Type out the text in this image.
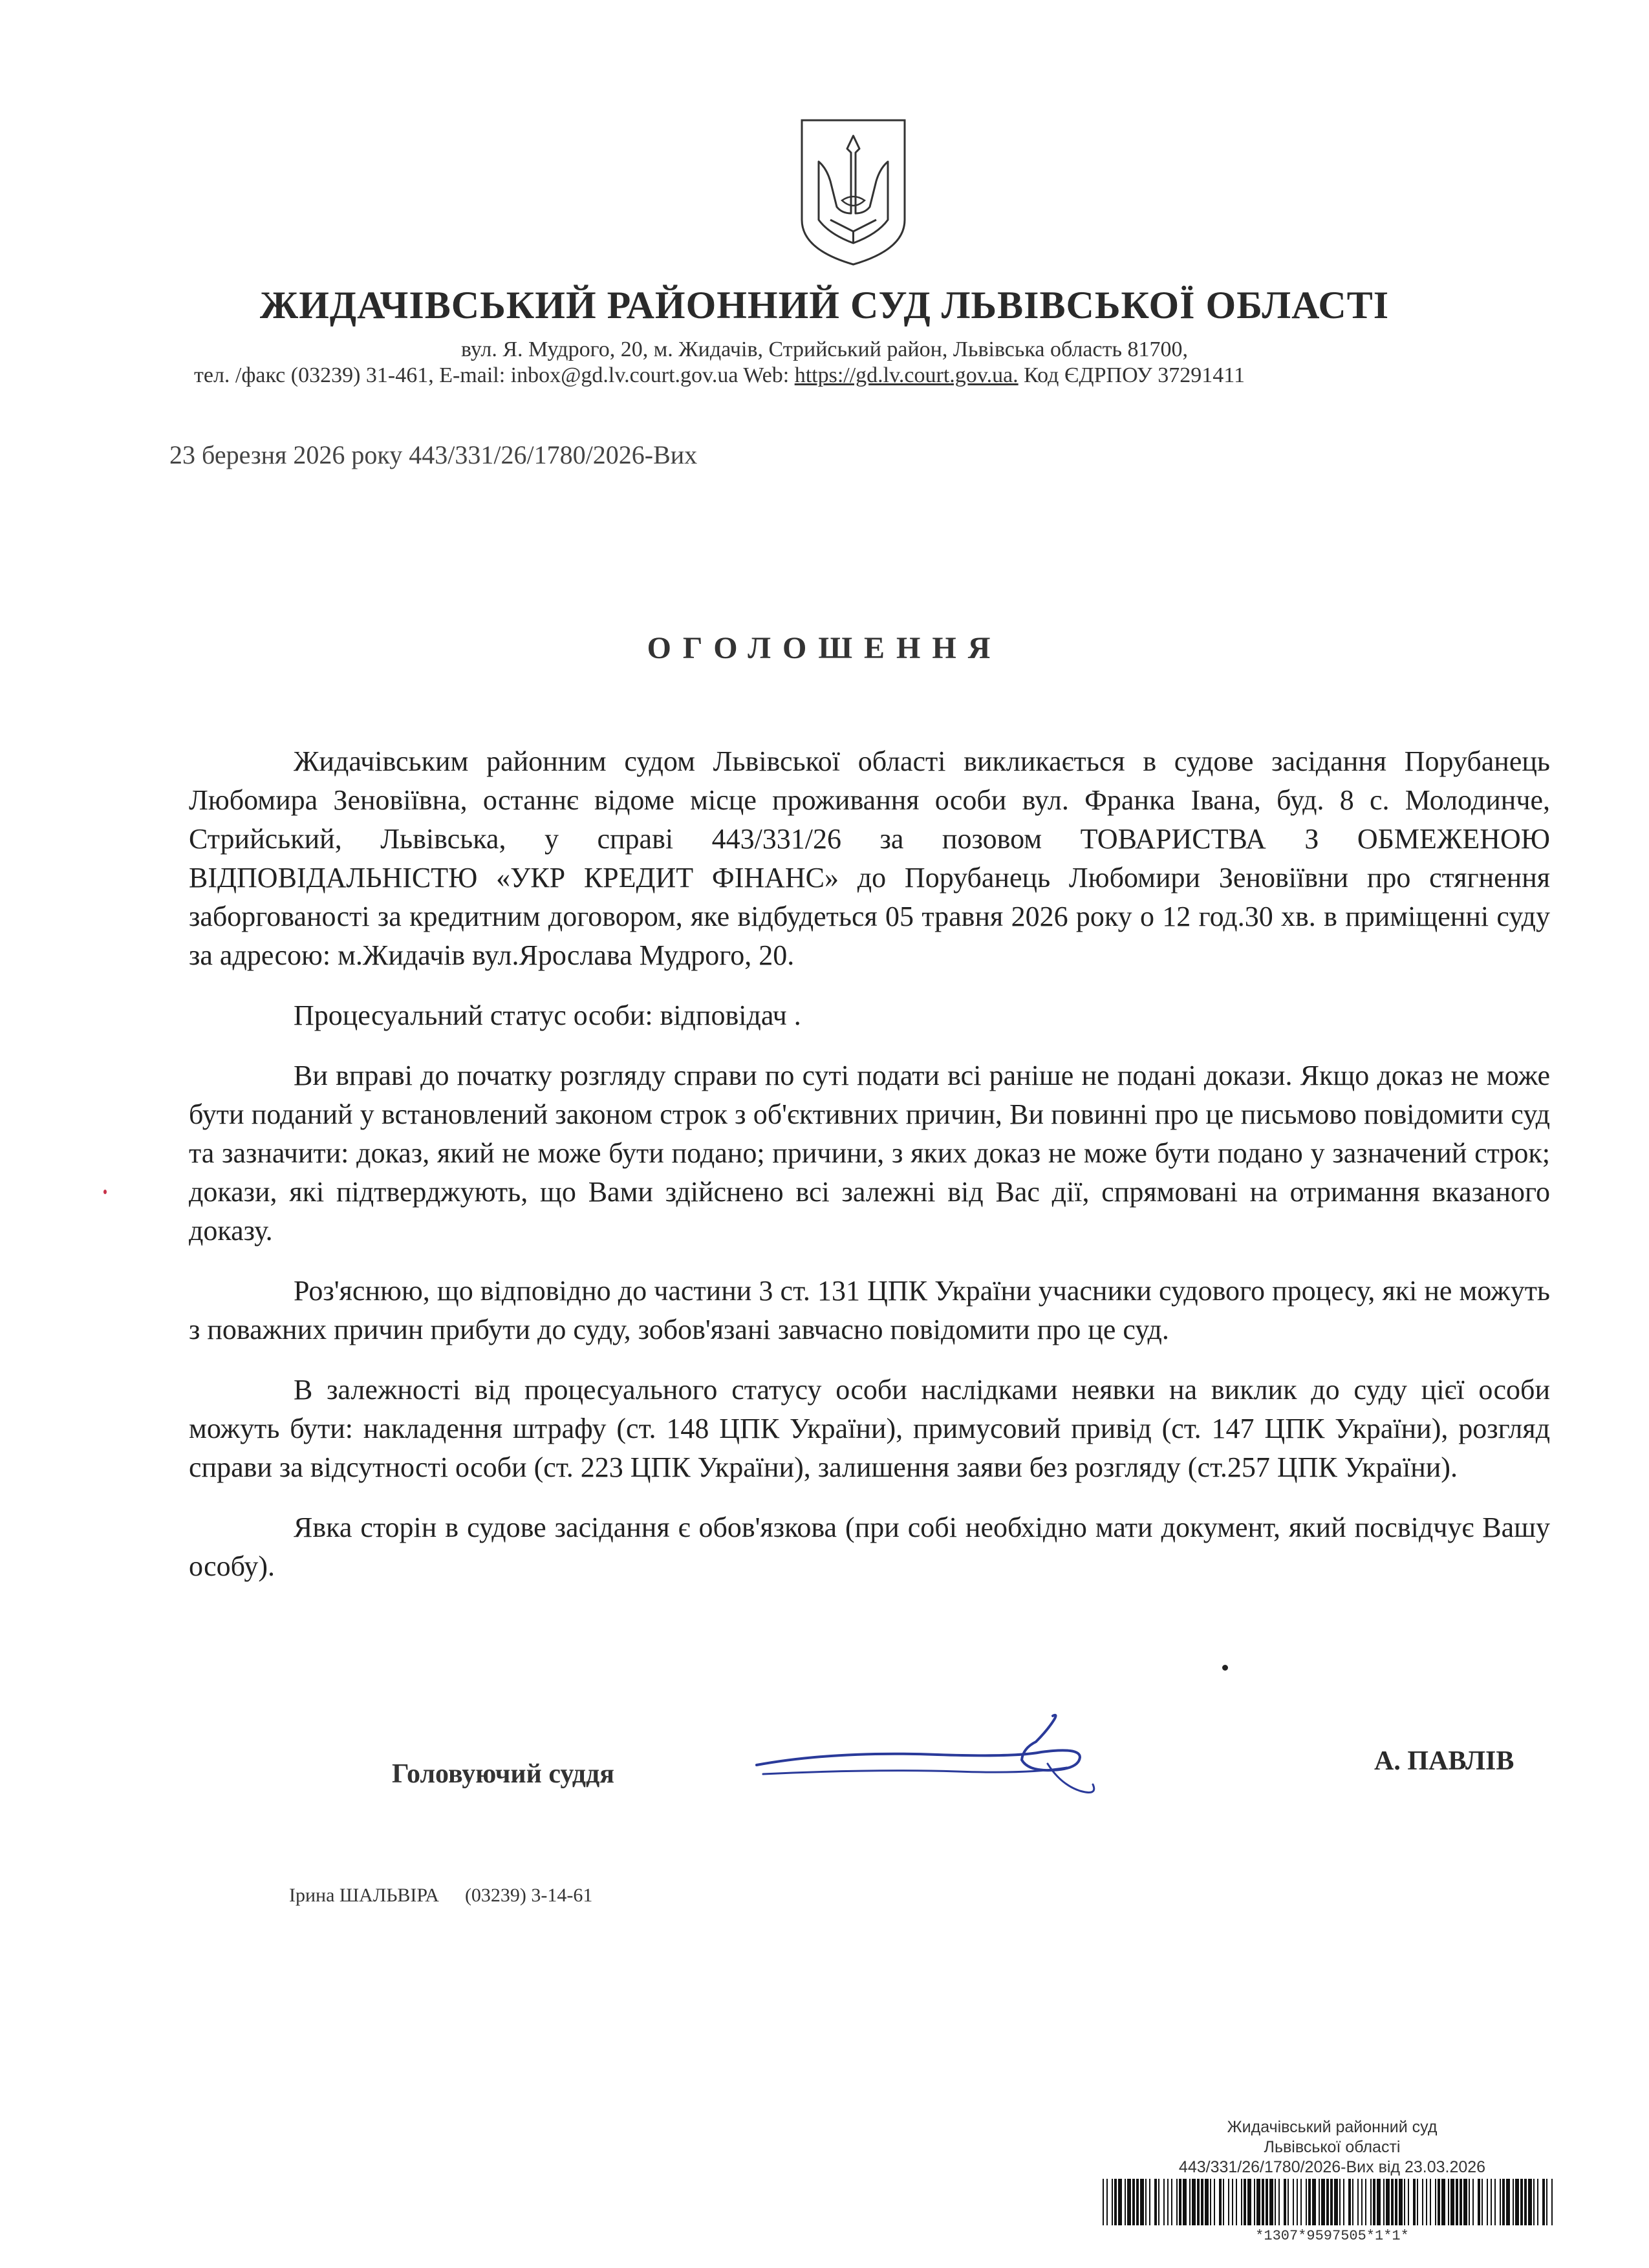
ЖИДАЧІВСЬКИЙ РАЙОННИЙ СУД ЛЬВІВСЬКОЇ ОБЛАСТІ
вул. Я. Мудрого, 20, м. Жидачів, Стрийський район, Львівська область 81700,
тел. /факс (03239) 31-461, E-mail: inbox@gd.lv.court.gov.ua Web: https://gd.lv.court.gov.ua. Код ЄДРПОУ 37291411
23 березня 2026 року 443/331/26/1780/2026-Вих
ОГОЛОШЕННЯ

Жидачівським районним судом Львівської області викликається в судове засідання Порубанець Любомира Зеновіївна, останнє відоме місце проживання особи вул. Франка Івана, буд. 8 с. Молодинче, Стрийський, Львівська, у справі 443/331/26 за позовом ТОВАРИСТВА З ОБМЕЖЕНОЮ ВІДПОВІДАЛЬНІСТЮ «УКР КРЕДИТ ФІНАНС» до Порубанець Любомири Зеновіївни про стягнення заборгованості за кредитним договором, яке відбудеться 05 травня 2026 року о 12 год.30 хв. в приміщенні суду за адресою: м.Жидачів вул.Ярослава Мудрого, 20.

Процесуальний статус особи: відповідач .

Ви вправі до початку розгляду справи по суті подати всі раніше не подані докази. Якщо доказ не може бути поданий у встановлений законом строк з об'єктивних причин, Ви повинні про це письмово повідомити суд та зазначити: доказ, який не може бути подано; причини, з яких доказ не може бути подано у зазначений строк; докази, які підтверджують, що Вами здійснено всі залежні від Вас дії, спрямовані на отримання вказаного доказу.

Роз'яснюю, що відповідно до частини 3 ст. 131 ЦПК України учасники судового процесу, які не можуть з поважних причин прибути до суду, зобов'язані завчасно повідомити про це суд.

В залежності від процесуального статусу особи наслідками неявки на виклик до суду цієї особи можуть бути: накладення штрафу (ст. 148 ЦПК України), примусовий привід (ст. 147 ЦПК України), розгляд справи за відсутності особи (ст. 223 ЦПК України), залишення заяви без розгляду (ст.257 ЦПК України).

Явка сторін в судове засідання є обов'язкова (при собі необхідно мати документ, який посвідчує Вашу особу).

Головуючий суддя	А. ПАВЛІВ
Ірина ШАЛЬВІРА (03239) 3-14-61
Жидачівський районний суд
Львівської області
443/331/26/1780/2026-Вих від 23.03.2026
*1307*9597505*1*1*
